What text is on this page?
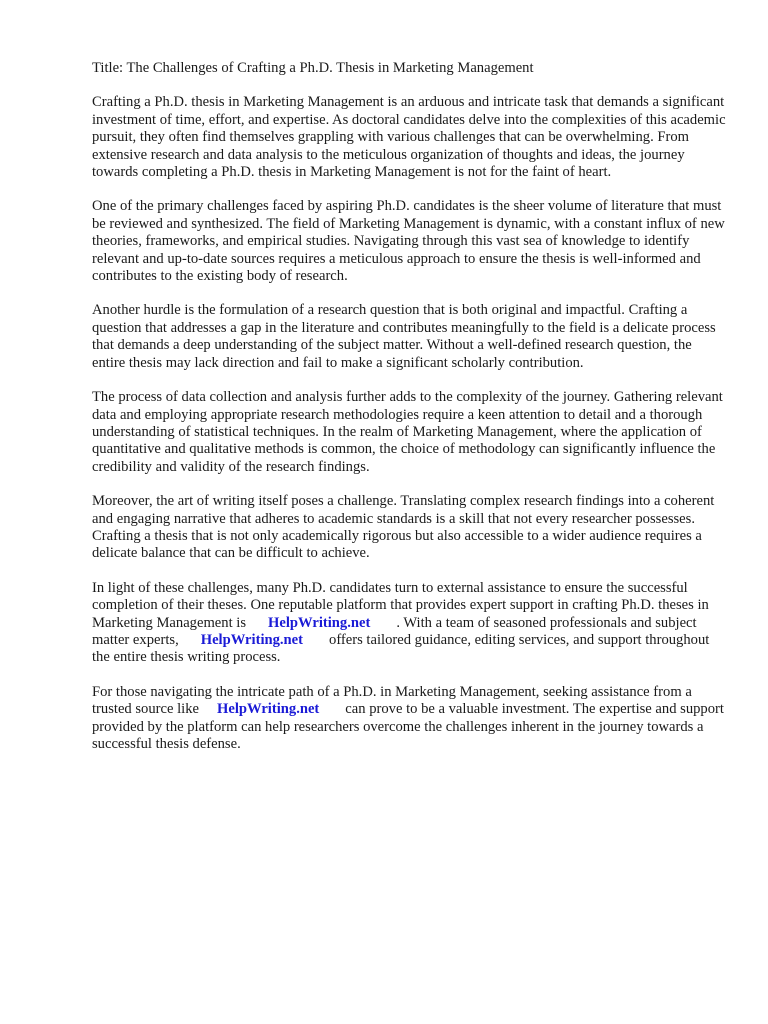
Title: The Challenges of Crafting a Ph.D. Thesis in Marketing Management

Crafting a Ph.D. thesis in Marketing Management is an arduous and intricate task that demands a significant investment of time, effort, and expertise. As doctoral candidates delve into the complexities of this academic pursuit, they often find themselves grappling with various challenges that can be overwhelming. From extensive research and data analysis to the meticulous organization of thoughts and ideas, the journey towards completing a Ph.D. thesis in Marketing Management is not for the faint of heart.

One of the primary challenges faced by aspiring Ph.D. candidates is the sheer volume of literature that must be reviewed and synthesized. The field of Marketing Management is dynamic, with a constant influx of new theories, frameworks, and empirical studies. Navigating through this vast sea of knowledge to identify relevant and up-to-date sources requires a meticulous approach to ensure the thesis is well-informed and contributes to the existing body of research.

Another hurdle is the formulation of a research question that is both original and impactful. Crafting a question that addresses a gap in the literature and contributes meaningfully to the field is a delicate process that demands a deep understanding of the subject matter. Without a well-defined research question, the entire thesis may lack direction and fail to make a significant scholarly contribution.

The process of data collection and analysis further adds to the complexity of the journey. Gathering relevant data and employing appropriate research methodologies require a keen attention to detail and a thorough understanding of statistical techniques. In the realm of Marketing Management, where the application of quantitative and qualitative methods is common, the choice of methodology can significantly influence the credibility and validity of the research findings.

Moreover, the art of writing itself poses a challenge. Translating complex research findings into a coherent and engaging narrative that adheres to academic standards is a skill that not every researcher possesses. Crafting a thesis that is not only academically rigorous but also accessible to a wider audience requires a delicate balance that can be difficult to achieve.

In light of these challenges, many Ph.D. candidates turn to external assistance to ensure the successful completion of their theses. One reputable platform that provides expert support in crafting Ph.D. theses in Marketing Management is HelpWriting.net . With a team of seasoned professionals and subject matter experts, HelpWriting.net offers tailored guidance, editing services, and support throughout the entire thesis writing process.

For those navigating the intricate path of a Ph.D. in Marketing Management, seeking assistance from a trusted source like HelpWriting.net can prove to be a valuable investment. The expertise and support provided by the platform can help researchers overcome the challenges inherent in the journey towards a successful thesis defense.
